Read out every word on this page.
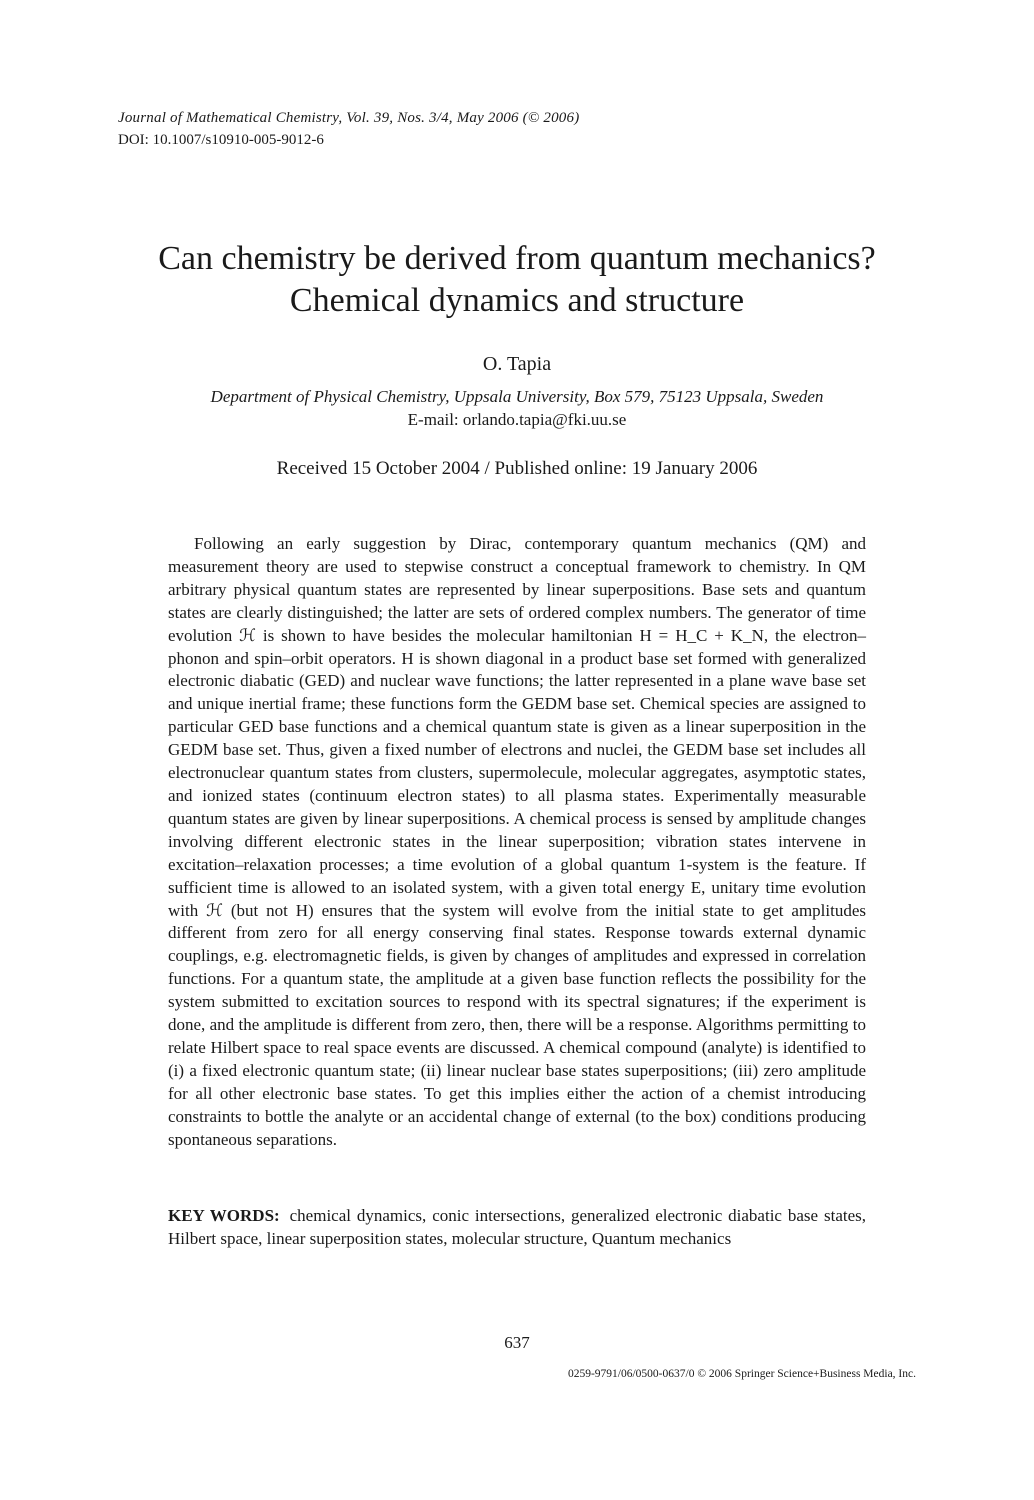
Journal of Mathematical Chemistry, Vol. 39, Nos. 3/4, May 2006 (© 2006)
DOI: 10.1007/s10910-005-9012-6
Can chemistry be derived from quantum mechanics?
Chemical dynamics and structure
O. Tapia
Department of Physical Chemistry, Uppsala University, Box 579, 75123 Uppsala, Sweden
E-mail: orlando.tapia@fki.uu.se
Received 15 October 2004 / Published online: 19 January 2006

Following an early suggestion by Dirac, contemporary quantum mechanics (QM) and measurement theory are used to stepwise construct a conceptual framework to chemistry. In QM arbitrary physical quantum states are represented by linear superpositions. Base sets and quantum states are clearly distinguished; the latter are sets of ordered complex numbers. The generator of time evolution ℋ is shown to have besides the molecular hamiltonian H = H_C + K_N, the electron–phonon and spin–orbit operators. H is shown diagonal in a product base set formed with generalized electronic diabatic (GED) and nuclear wave functions; the latter represented in a plane wave base set and unique inertial frame; these functions form the GEDM base set. Chemical species are assigned to particular GED base functions and a chemical quantum state is given as a linear superposition in the GEDM base set. Thus, given a fixed number of electrons and nuclei, the GEDM base set includes all electronuclear quantum states from clusters, supermolecule, molecular aggregates, asymptotic states, and ionized states (continuum electron states) to all plasma states. Experimentally measurable quantum states are given by linear superpositions. A chemical process is sensed by amplitude changes involving different electronic states in the linear superposition; vibration states intervene in excitation–relaxation processes; a time evolution of a global quantum 1-system is the feature. If sufficient time is allowed to an isolated system, with a given total energy E, unitary time evolution with ℋ (but not H) ensures that the system will evolve from the initial state to get amplitudes different from zero for all energy conserving final states. Response towards external dynamic couplings, e.g. electromagnetic fields, is given by changes of amplitudes and expressed in correlation functions. For a quantum state, the amplitude at a given base function reflects the possibility for the system submitted to excitation sources to respond with its spectral signatures; if the experiment is done, and the amplitude is different from zero, then, there will be a response. Algorithms permitting to relate Hilbert space to real space events are discussed. A chemical compound (analyte) is identified to (i) a fixed electronic quantum state; (ii) linear nuclear base states superpositions; (iii) zero amplitude for all other electronic base states. To get this implies either the action of a chemist introducing constraints to bottle the analyte or an accidental change of external (to the box) conditions producing spontaneous separations.

KEY WORDS: chemical dynamics, conic intersections, generalized electronic diabatic base states, Hilbert space, linear superposition states, molecular structure, Quantum mechanics
637
0259-9791/06/0500-0637/0 © 2006 Springer Science+Business Media, Inc.
